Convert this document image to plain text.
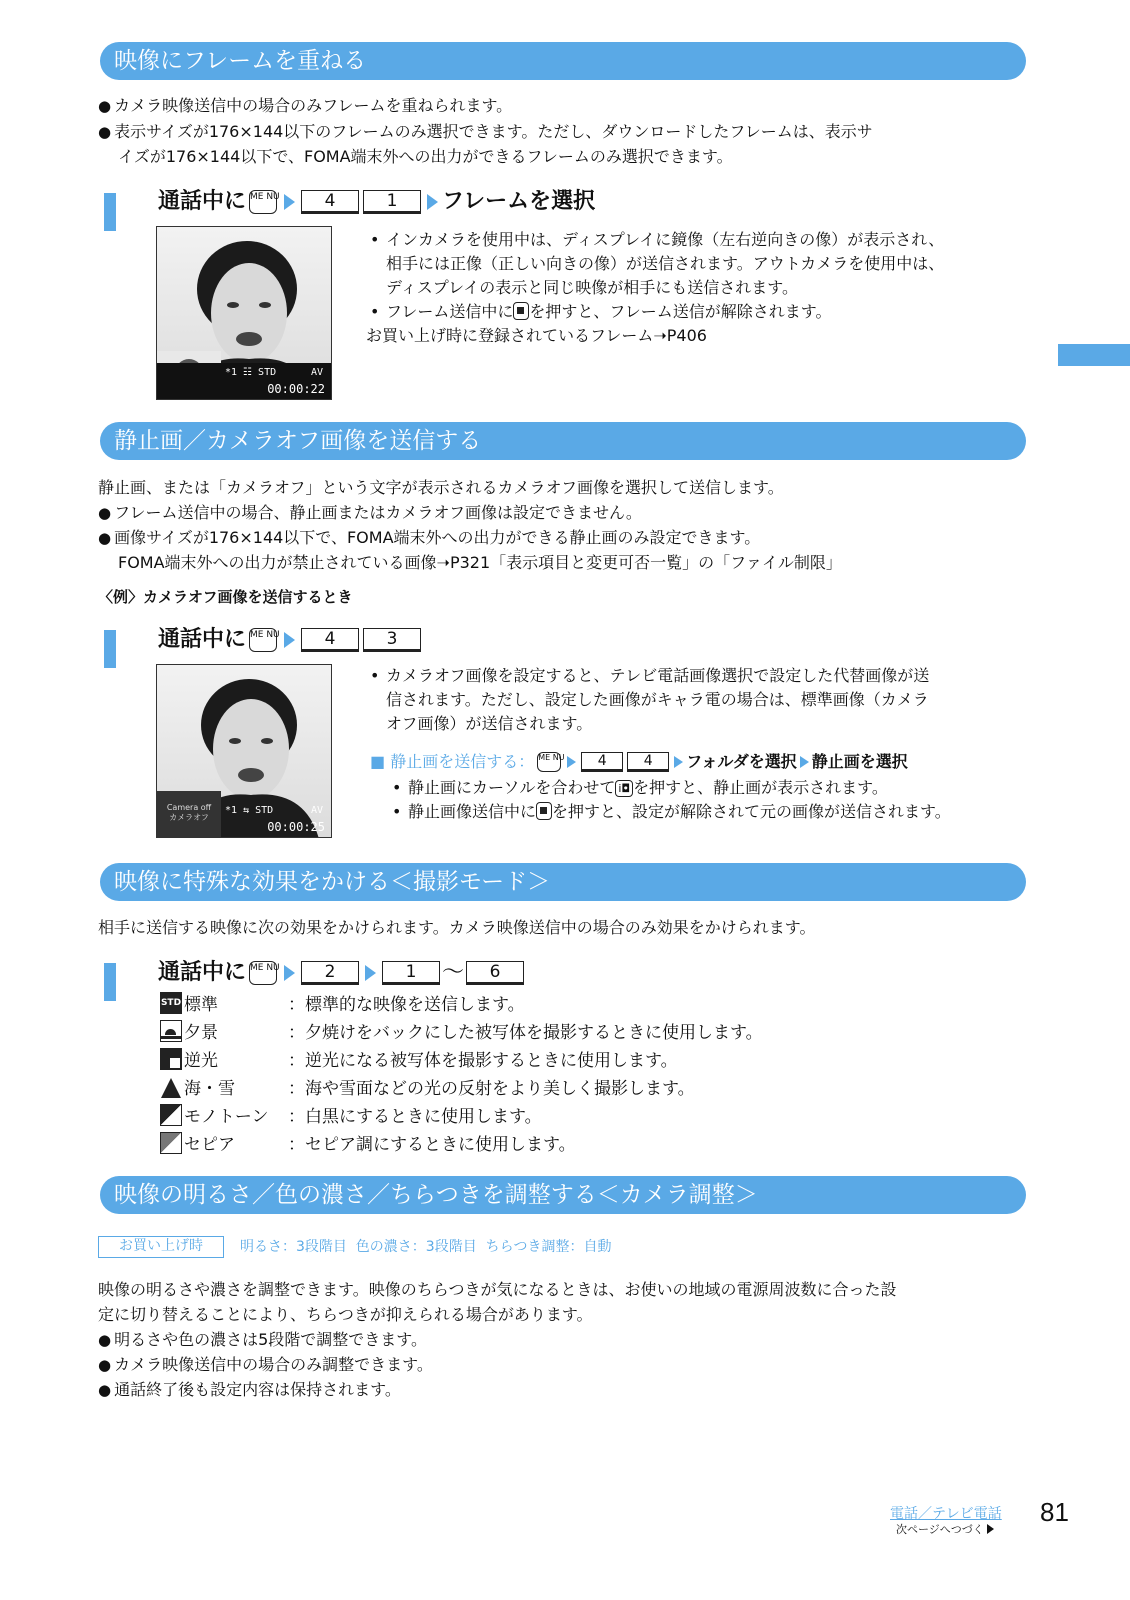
映像にフレームを重ねる
● カメラ映像送信中の場合のみフレームを重ねられます。
● 表示サイズが176×144以下のフレームのみ選択できます。ただし、ダウンロードしたフレームは、表示サ
イズが176×144以下で、FOMA端末外への出力ができるフレームのみ選択できます。
通話中に ME NU	4	1	フレームを選択
*1 ☷ STD	AV
00:00:22
• インカメラを使用中は、ディスプレイに鏡像（左右逆向きの像）が表示され、
相手には正像（正しい向きの像）が送信されます。アウトカメラを使用中は、
ディスプレイの表示と同じ映像が相手にも送信されます。
• フレーム送信中に を押すと、フレーム送信が解除されます。
お買い上げ時に登録されているフレーム➝P406
静止画／カメラオフ画像を送信する
静止画、または「カメラオフ」という文字が表示されるカメラオフ画像を選択して送信します。
● フレーム送信中の場合、静止画またはカメラオフ画像は設定できません。
● 画像サイズが176×144以下で、FOMA端末外への出力ができる静止画のみ設定できます。
FOMA端末外への出力が禁止されている画像➝P321「表示項目と変更可否一覧」の「ファイル制限」
〈例〉カメラオフ画像を送信するとき
通話中に ME NU	4	3
Camera off
カメラオフ
*1 ⇆ STD	AV
00:00:25
• カメラオフ画像を設定すると、テレビ電話画像選択で設定した代替画像が送
信されます。ただし、設定した画像がキャラ電の場合は、標準画像（カメラ
オフ画像）が送信されます。
■ 静止画を送信する： ME NU	4	4	フォルダを選択 静止画を選択
• 静止画にカーソルを合わせて i◘ を押すと、静止画が表示されます。
• 静止画像送信中に を押すと、設定が解除されて元の画像が送信されます。
映像に特殊な効果をかける＜撮影モード＞
相手に送信する映像に次の効果をかけられます。カメラ映像送信中の場合のみ効果をかけられます。
通話中に ME NU	2	1	〜	6
STD 標準	：標準的な映像を送信します。
夕景	：夕焼けをバックにした被写体を撮影するときに使用します。
逆光	：逆光になる被写体を撮影するときに使用します。
海・雪	：海や雪面などの光の反射をより美しく撮影します。
モノトーン ：白黒にするときに使用します。
セピア	：セピア調にするときに使用します。
映像の明るさ／色の濃さ／ちらつきを調整する＜カメラ調整＞
お買い上げ時	明るさ：3段階目  色の濃さ：3段階目  ちらつき調整：自動
映像の明るさや濃さを調整できます。映像のちらつきが気になるときは、お使いの地域の電源周波数に合った設
定に切り替えることにより、ちらつきが抑えられる場合があります。
● 明るさや色の濃さは5段階で調整できます。
● カメラ映像送信中の場合のみ調整できます。
● 通話終了後も設定内容は保持されます。
電話／テレビ電話
次ページへつづく
81
